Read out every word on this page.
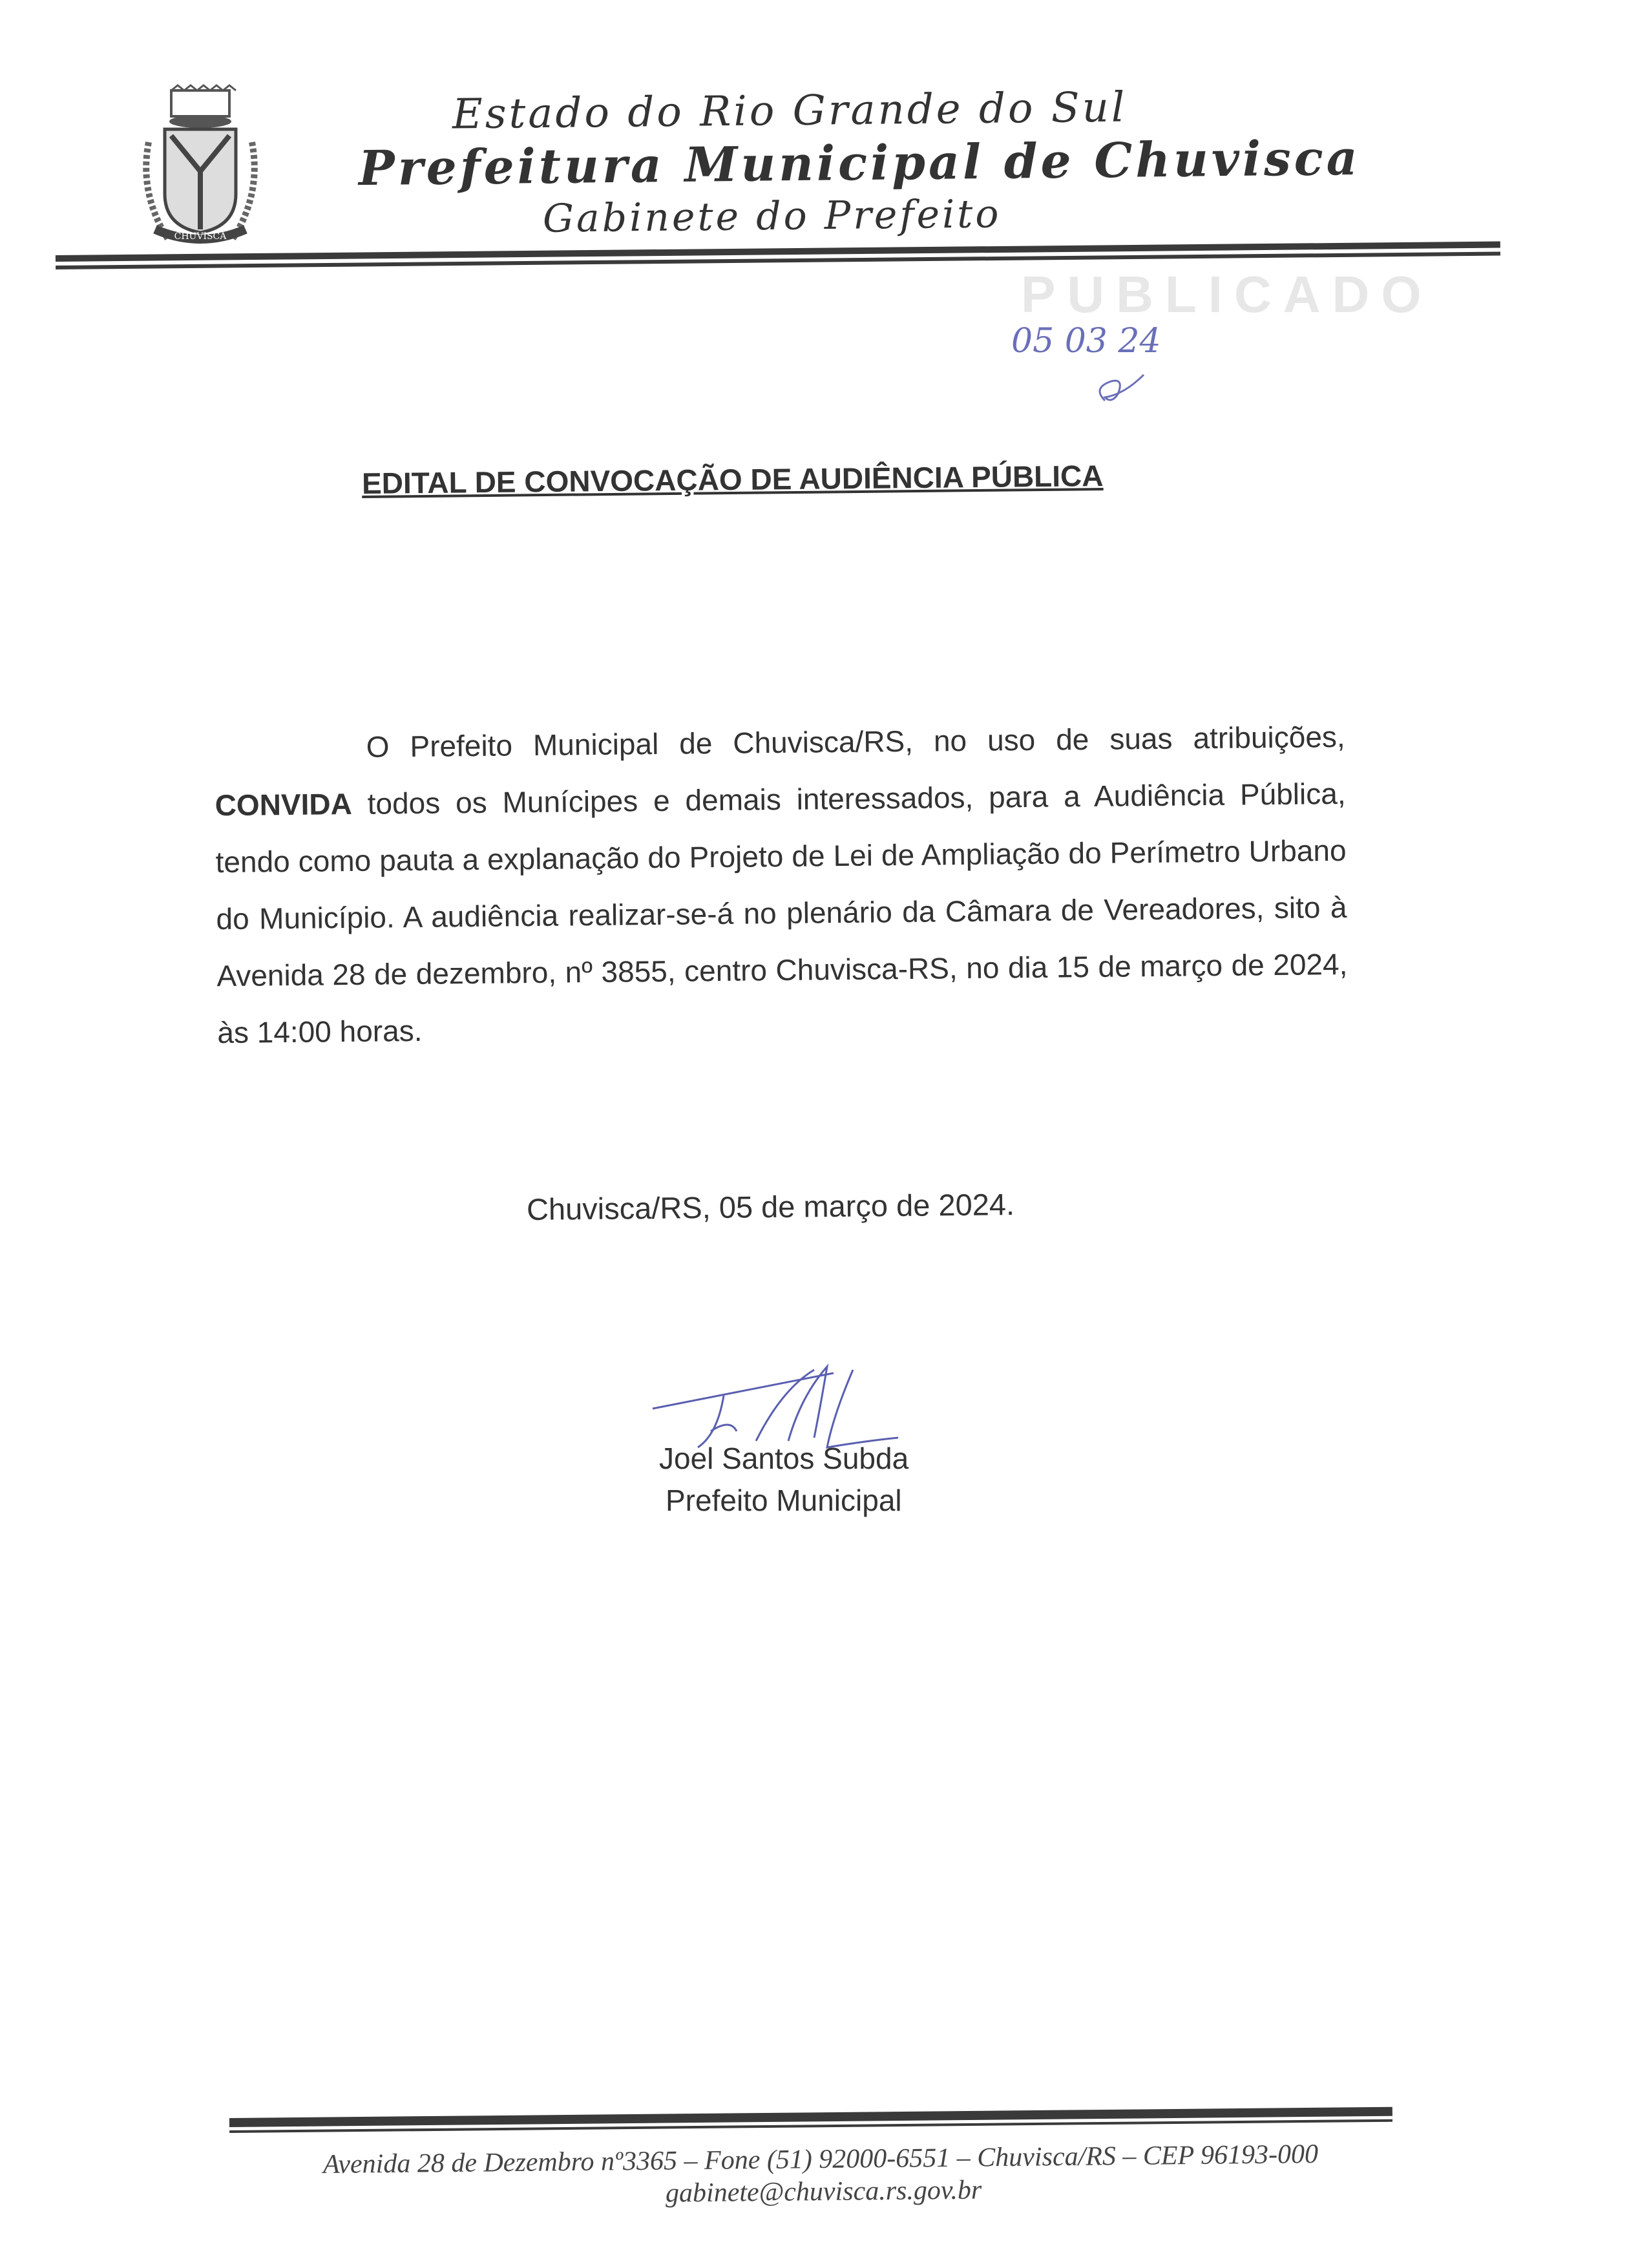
CHUVISCA
Estado do Rio Grande do Sul
Prefeitura Municipal de Chuvisca
Gabinete do Prefeito
PUBLICADO
05 03 24
EDITAL DE CONVOCAÇÃO DE AUDIÊNCIA PÚBLICA
O Prefeito Municipal de Chuvisca/RS, no uso de suas atribuições, CONVIDA todos os Munícipes e demais interessados, para a Audiência Pública, tendo como pauta a explanação do Projeto de Lei de Ampliação do Perímetro Urbano do Município. A audiência realizar-se-á no plenário da Câmara de Vereadores, sito à Avenida 28 de dezembro, nº 3855, centro Chuvisca-RS, no dia 15 de março de 2024, às 14:00 horas.
Chuvisca/RS, 05 de março de 2024.
Joel Santos Subda
Prefeito Municipal
Avenida 28 de Dezembro nº3365 – Fone (51) 92000-6551 – Chuvisca/RS – CEP 96193-000
gabinete@chuvisca.rs.gov.br
